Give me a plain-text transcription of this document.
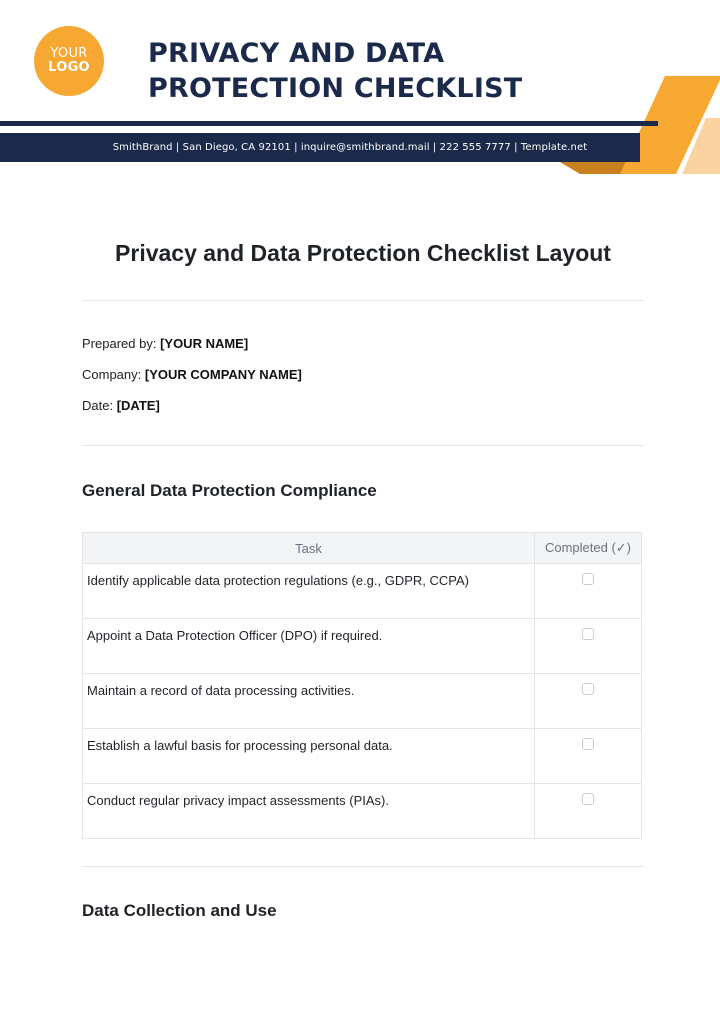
YOUR
LOGO PRIVACY AND DATA
PROTECTION CHECKLIST
SmithBrand | San Diego, CA 92101 | inquire@smithbrand.mail | 222 555 7777 | Template.net
Privacy and Data Protection Checklist Layout
Prepared by: [YOUR NAME]
Company: [YOUR COMPANY NAME]
Date: [DATE]
General Data Protection Compliance
Task	Completed (✓)
Identify applicable data protection regulations (e.g., GDPR, CCPA)	
Appoint a Data Protection Officer (DPO) if required.	
Maintain a record of data processing activities.	
Establish a lawful basis for processing personal data.	
Conduct regular privacy impact assessments (PIAs).	
Data Collection and Use
